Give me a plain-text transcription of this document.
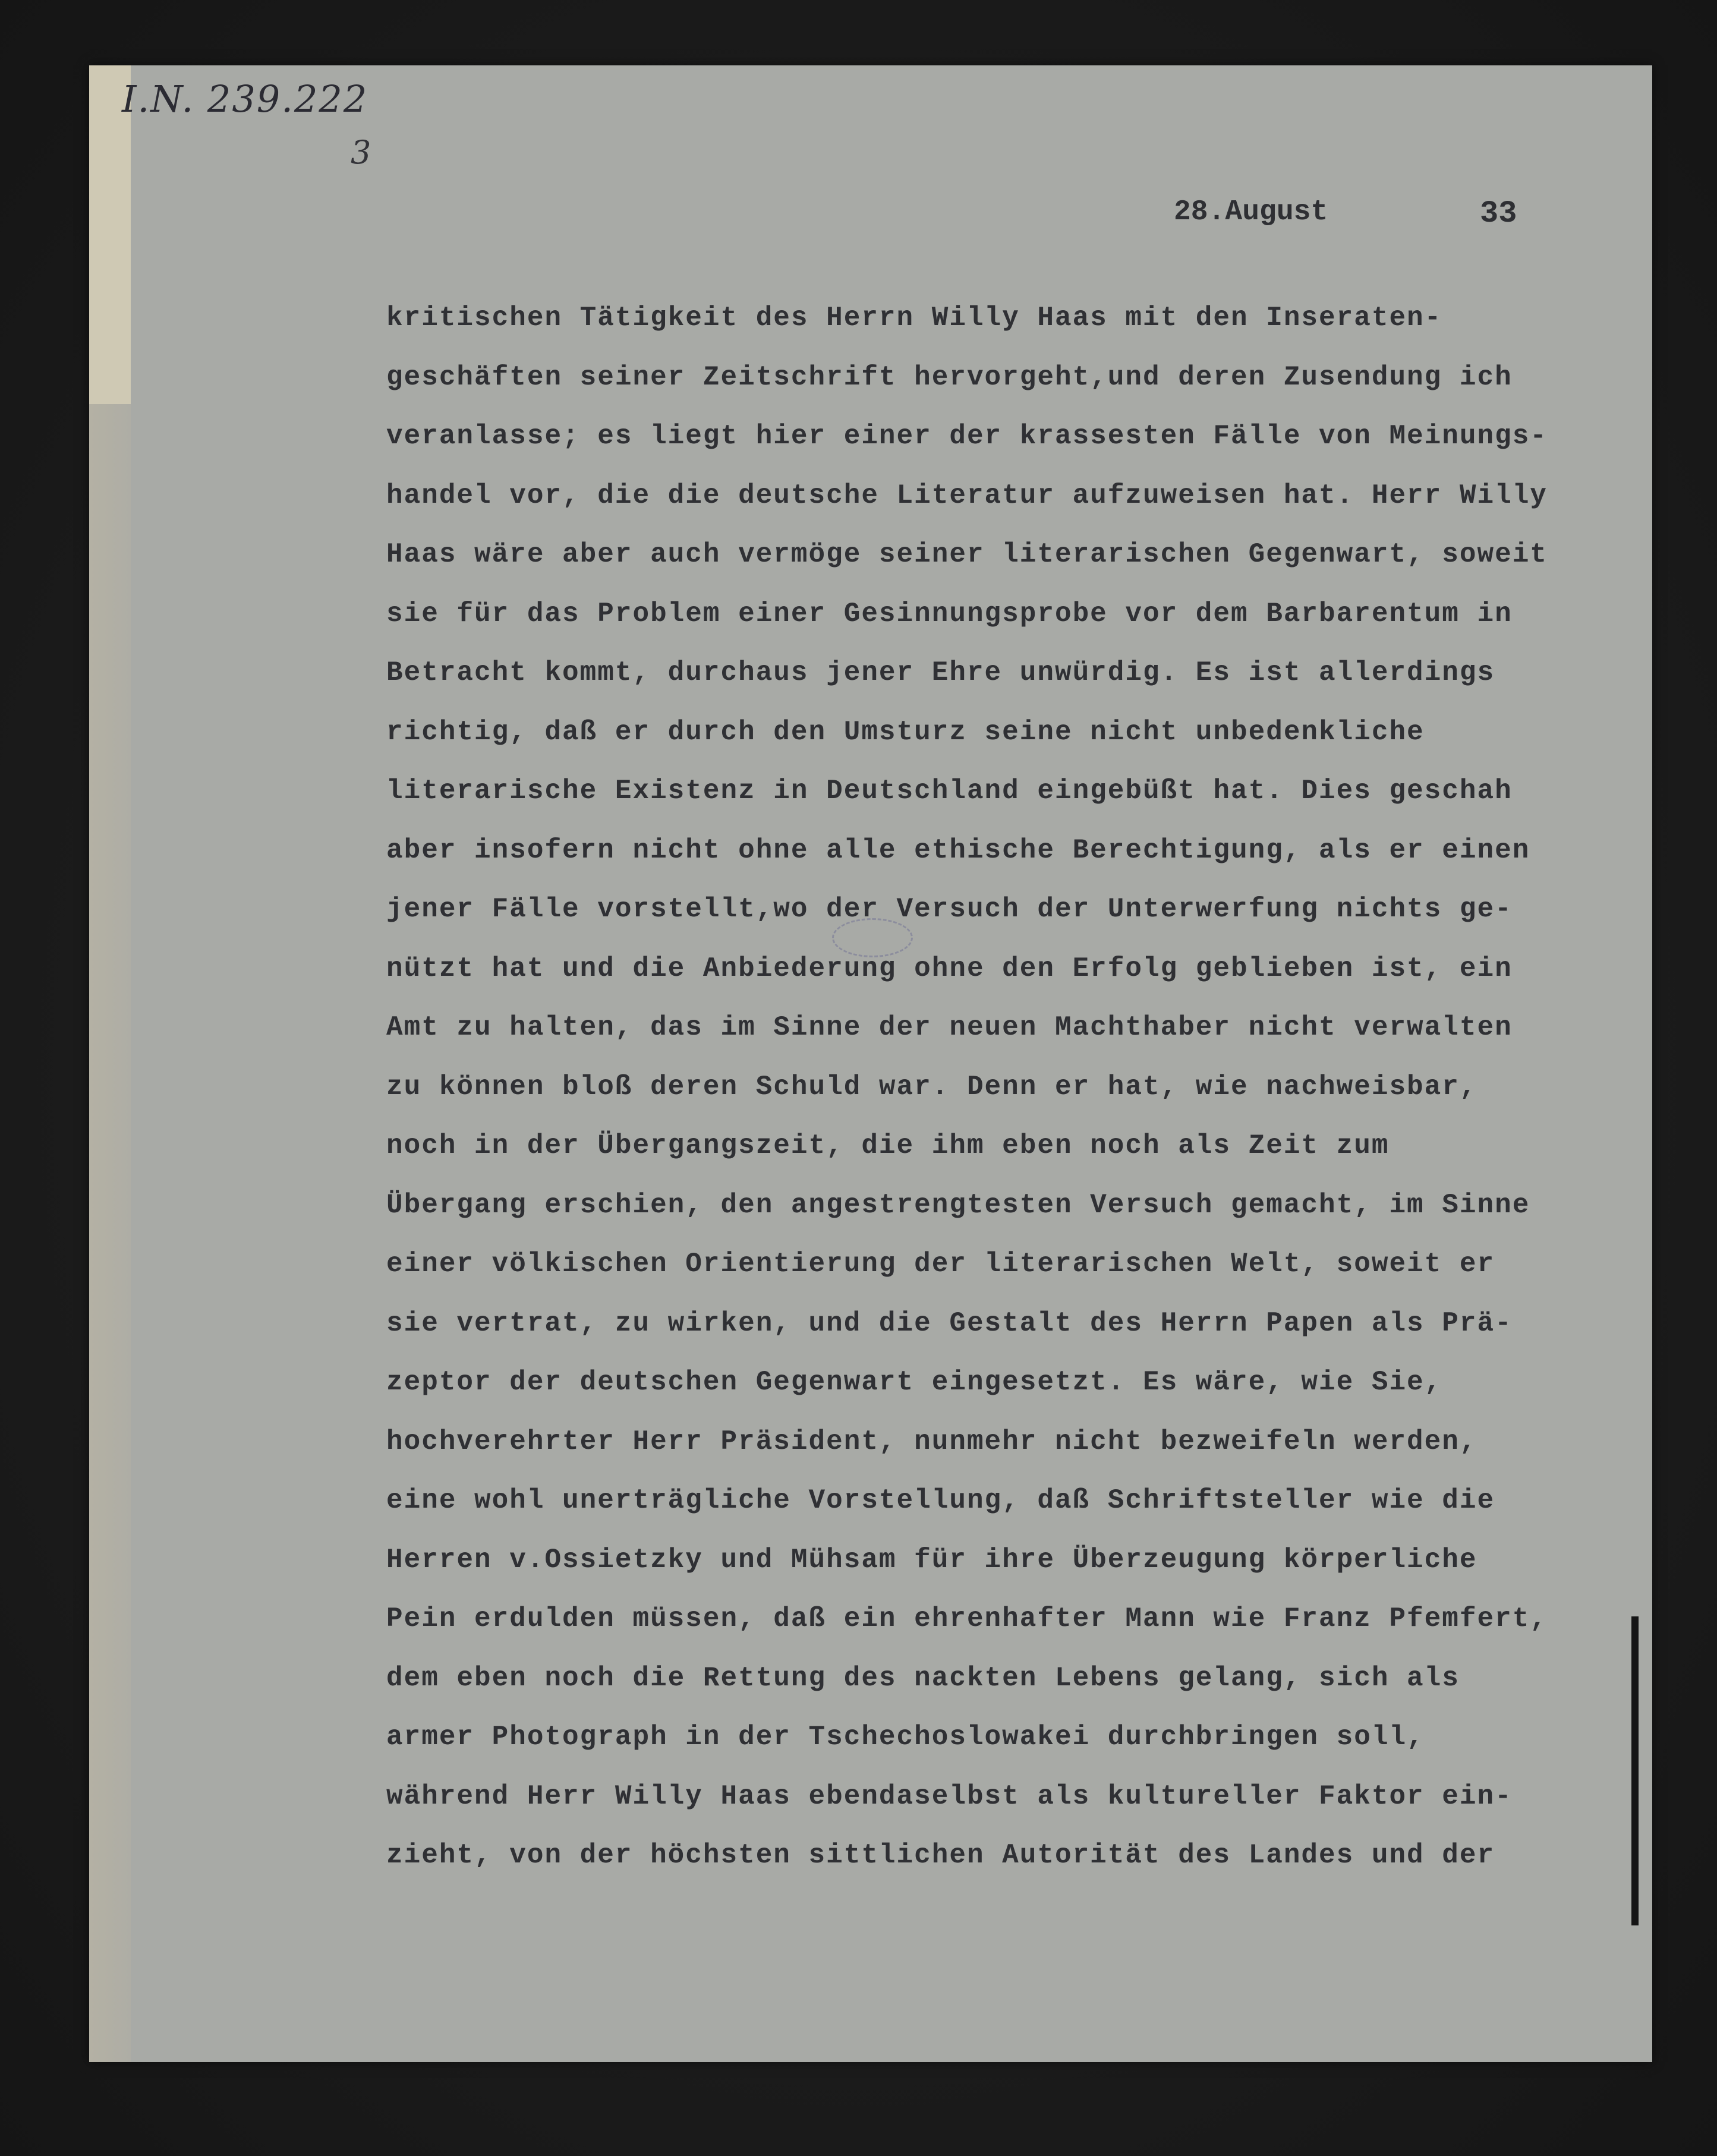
I.N. 239.222
3
28.August	33
kritischen Tätigkeit des Herrn Willy Haas mit den Inseraten-
geschäften seiner Zeitschrift hervorgeht,und deren Zusendung ich
veranlasse; es liegt hier einer der krassesten Fälle von Meinungs-
handel vor, die die deutsche Literatur aufzuweisen hat. Herr Willy
Haas wäre aber auch vermöge seiner literarischen Gegenwart, soweit
sie für das Problem einer Gesinnungsprobe vor dem Barbarentum in
Betracht kommt, durchaus jener Ehre unwürdig. Es ist allerdings
richtig, daß er durch den Umsturz seine nicht unbedenkliche
literarische Existenz in Deutschland eingebüßt hat. Dies geschah
aber insofern nicht ohne alle ethische Berechtigung, als er einen
jener Fälle vorstellt,wo der Versuch der Unterwerfung nichts ge-
nützt hat und die Anbiederung ohne den Erfolg geblieben ist, ein
Amt zu halten, das im Sinne der neuen Machthaber nicht verwalten
zu können bloß deren Schuld war. Denn er hat, wie nachweisbar,
noch in der Übergangszeit, die ihm eben noch als Zeit zum
Übergang erschien, den angestrengtesten Versuch gemacht, im Sinne
einer völkischen Orientierung der literarischen Welt, soweit er
sie vertrat, zu wirken, und die Gestalt des Herrn Papen als Prä-
zeptor der deutschen Gegenwart eingesetzt. Es wäre, wie Sie,
hochverehrter Herr Präsident, nunmehr nicht bezweifeln werden,
eine wohl unerträgliche Vorstellung, daß Schriftsteller wie die
Herren v.Ossietzky und Mühsam für ihre Überzeugung körperliche
Pein erdulden müssen, daß ein ehrenhafter Mann wie Franz Pfemfert,
dem eben noch die Rettung des nackten Lebens gelang, sich als
armer Photograph in der Tschechoslowakei durchbringen soll,
während Herr Willy Haas ebendaselbst als kultureller Faktor ein-
zieht, von der höchsten sittlichen Autorität des Landes und der
